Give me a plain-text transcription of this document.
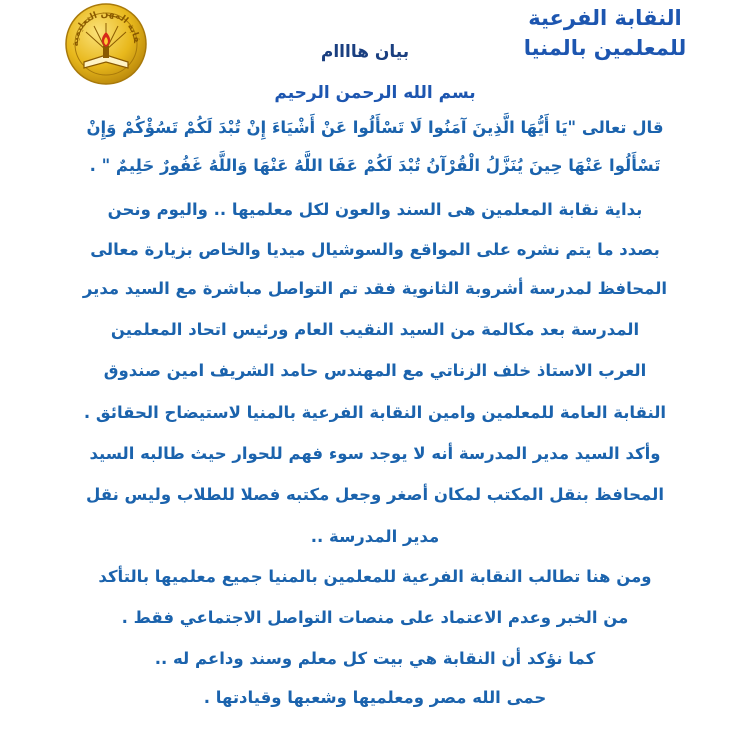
النقابة الفرعية
للمعلمين بالمنيا
بيان هاااام
قابة المهن التعليمية
بسم الله الرحمن الرحيم
قال تعالى "يَا أَيُّهَا الَّذِينَ آمَنُوا لَا تَسْأَلُوا عَنْ أَشْيَاءَ إِنْ تُبْدَ لَكُمْ تَسُؤْكُمْ وَإِنْ
تَسْأَلُوا عَنْهَا حِينَ يُنَزَّلُ الْقُرْآنُ تُبْدَ لَكُمْ عَفَا اللَّهُ عَنْهَا وَاللَّهُ غَفُورٌ حَلِيمٌ " .
بداية نقابة المعلمين هى السند والعون لكل معلميها .. واليوم ونحن
بصدد ما يتم نشره على المواقع والسوشيال ميديا والخاص بزيارة معالى
المحافظ لمدرسة أشروبة الثانوية فقد تم التواصل مباشرة مع السيد مدير
المدرسة بعد مكالمة من السيد النقيب العام ورئيس اتحاد المعلمين
العرب الاستاذ خلف الزناتي مع المهندس حامد الشريف امين صندوق
النقابة العامة للمعلمين وامين النقابة الفرعية بالمنيا لاستيضاح الحقائق .
وأكد السيد مدير المدرسة أنه لا يوجد سوء فهم للحوار حيث طالبه السيد
المحافظ بنقل المكتب لمكان أصغر وجعل مكتبه فصلا للطلاب وليس نقل
مدير المدرسة ..
ومن هنا تطالب النقابة الفرعية للمعلمين بالمنيا جميع معلميها بالتأكد
من الخبر وعدم الاعتماد على منصات التواصل الاجتماعي فقط .
كما نؤكد أن النقابة هي بيت كل معلم وسند وداعم له ..
حمى الله مصر ومعلميها وشعبها وقيادتها .
